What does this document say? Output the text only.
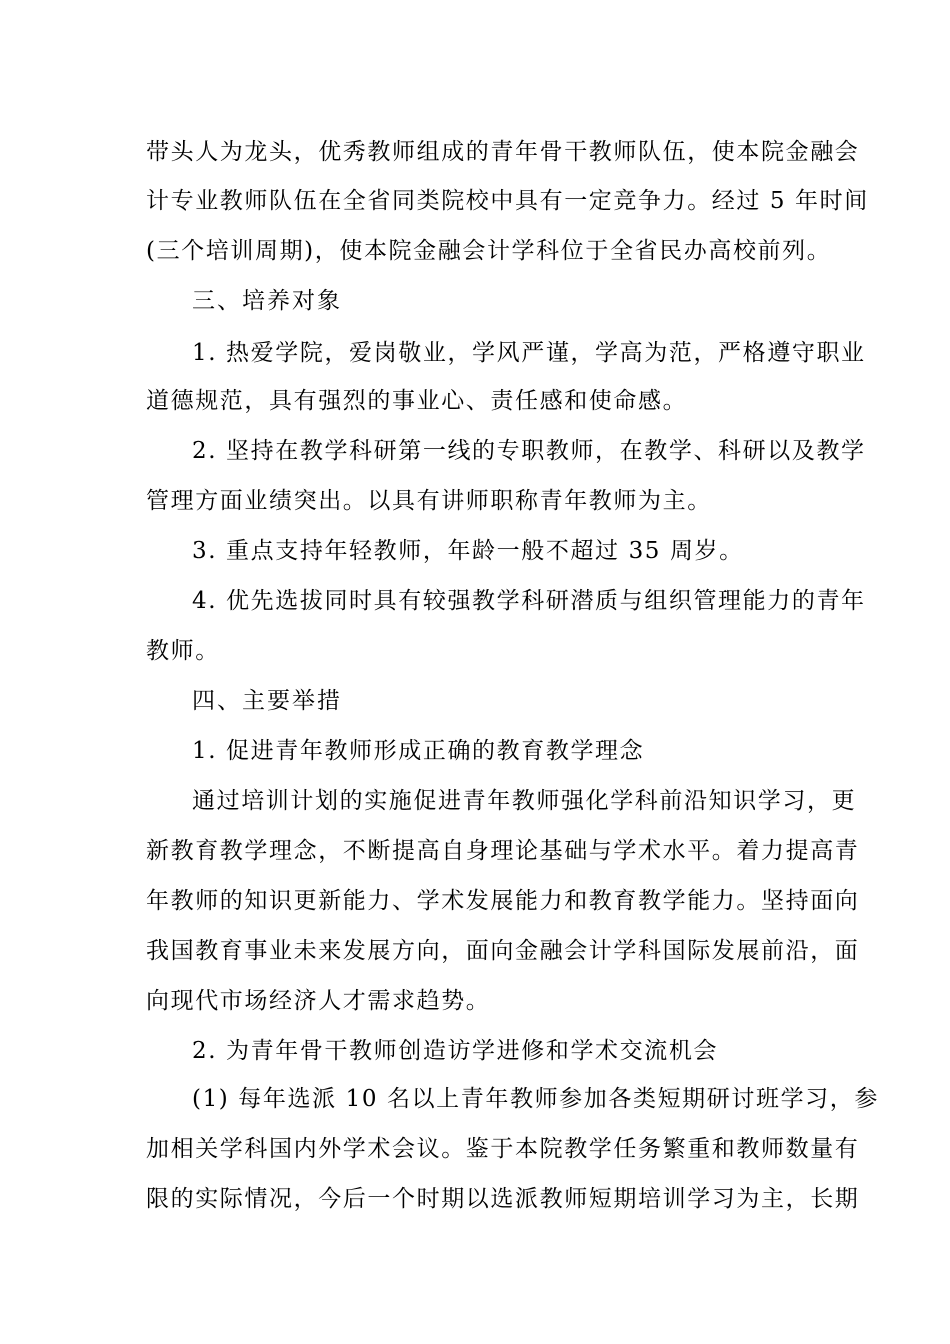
带头人为龙头，优秀教师组成的青年骨干教师队伍，使本院金融会
计专业教师队伍在全省同类院校中具有一定竞争力。经过 5 年时间
(三个培训周期)，使本院金融会计学科位于全省民办高校前列。
三、培养对象
1. 热爱学院，爱岗敬业，学风严谨，学高为范，严格遵守职业
道德规范，具有强烈的事业心、责任感和使命感。
2. 坚持在教学科研第一线的专职教师，在教学、科研以及教学
管理方面业绩突出。以具有讲师职称青年教师为主。
3. 重点支持年轻教师，年龄一般不超过 35 周岁。
4. 优先选拔同时具有较强教学科研潜质与组织管理能力的青年
教师。
四、主要举措
1. 促进青年教师形成正确的教育教学理念
通过培训计划的实施促进青年教师强化学科前沿知识学习，更
新教育教学理念，不断提高自身理论基础与学术水平。着力提高青
年教师的知识更新能力、学术发展能力和教育教学能力。坚持面向
我国教育事业未来发展方向，面向金融会计学科国际发展前沿，面
向现代市场经济人才需求趋势。
2. 为青年骨干教师创造访学进修和学术交流机会
(1) 每年选派 10 名以上青年教师参加各类短期研讨班学习，参
加相关学科国内外学术会议。鉴于本院教学任务繁重和教师数量有
限的实际情况，今后一个时期以选派教师短期培训学习为主，长期
